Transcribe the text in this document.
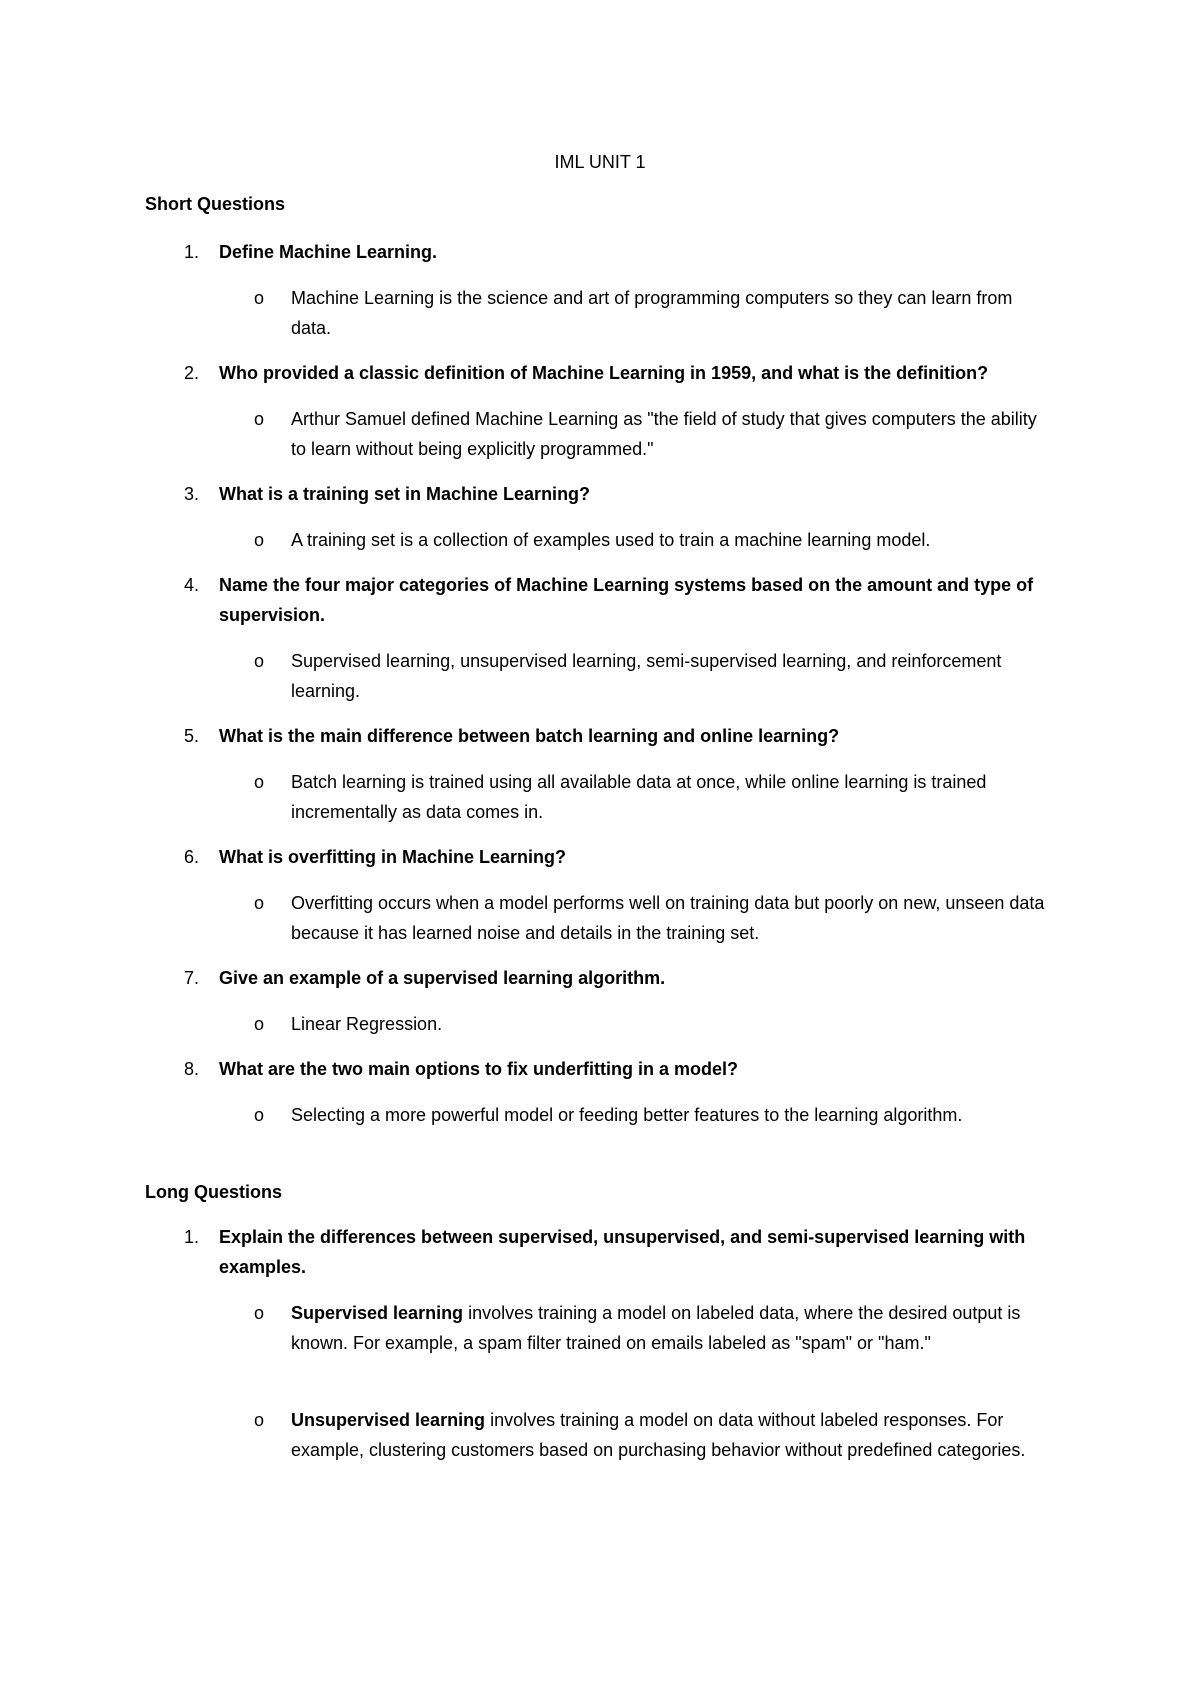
IML UNIT 1
Short Questions
1. Define Machine Learning.
o Machine Learning is the science and art of programming computers so they can learn from data.
2. Who provided a classic definition of Machine Learning in 1959, and what is the definition?
o Arthur Samuel defined Machine Learning as "the field of study that gives computers the ability to learn without being explicitly programmed."
3. What is a training set in Machine Learning?
o A training set is a collection of examples used to train a machine learning model.
4. Name the four major categories of Machine Learning systems based on the amount and type of supervision.
o Supervised learning, unsupervised learning, semi-supervised learning, and reinforcement learning.
5. What is the main difference between batch learning and online learning?
o Batch learning is trained using all available data at once, while online learning is trained incrementally as data comes in.
6. What is overfitting in Machine Learning?
o Overfitting occurs when a model performs well on training data but poorly on new, unseen data because it has learned noise and details in the training set.
7. Give an example of a supervised learning algorithm.
o Linear Regression.
8. What are the two main options to fix underfitting in a model?
o Selecting a more powerful model or feeding better features to the learning algorithm.
Long Questions
1. Explain the differences between supervised, unsupervised, and semi-supervised learning with examples.
o Supervised learning involves training a model on labeled data, where the desired output is known. For example, a spam filter trained on emails labeled as "spam" or "ham."
o Unsupervised learning involves training a model on data without labeled responses. For example, clustering customers based on purchasing behavior without predefined categories.
